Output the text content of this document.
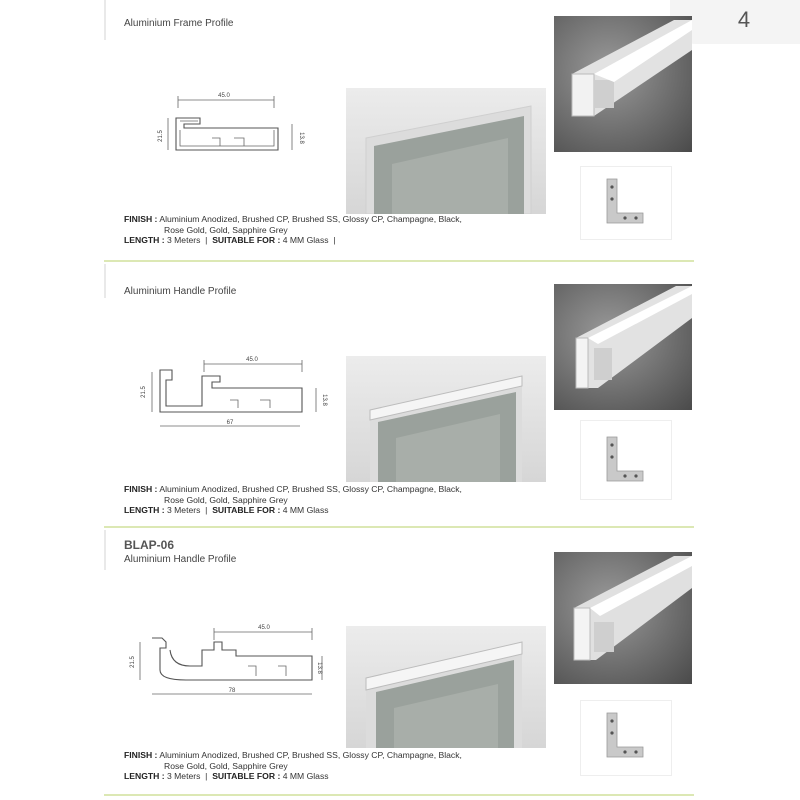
4
Aluminium Frame Profile
45.0
21.5	13.8
FINISH : Aluminium Anodized, Brushed CP, Brushed SS, Glossy CP, Champagne, Black,
Rose Gold, Gold, Sapphire Grey
LENGTH : 3 Meters  |  SUITABLE FOR : 4 MM Glass  |
Aluminium Handle Profile
45.0
21.5
13.8
67
FINISH : Aluminium Anodized, Brushed CP, Brushed SS, Glossy CP, Champagne, Black,
Rose Gold, Gold, Sapphire Grey
LENGTH : 3 Meters  |  SUITABLE FOR : 4 MM Glass
BLAP-06
Aluminium Handle Profile
45.0
21.5
13.8
78
FINISH : Aluminium Anodized, Brushed CP, Brushed SS, Glossy CP, Champagne, Black,
Rose Gold, Gold, Sapphire Grey
LENGTH : 3 Meters  |  SUITABLE FOR : 4 MM Glass
